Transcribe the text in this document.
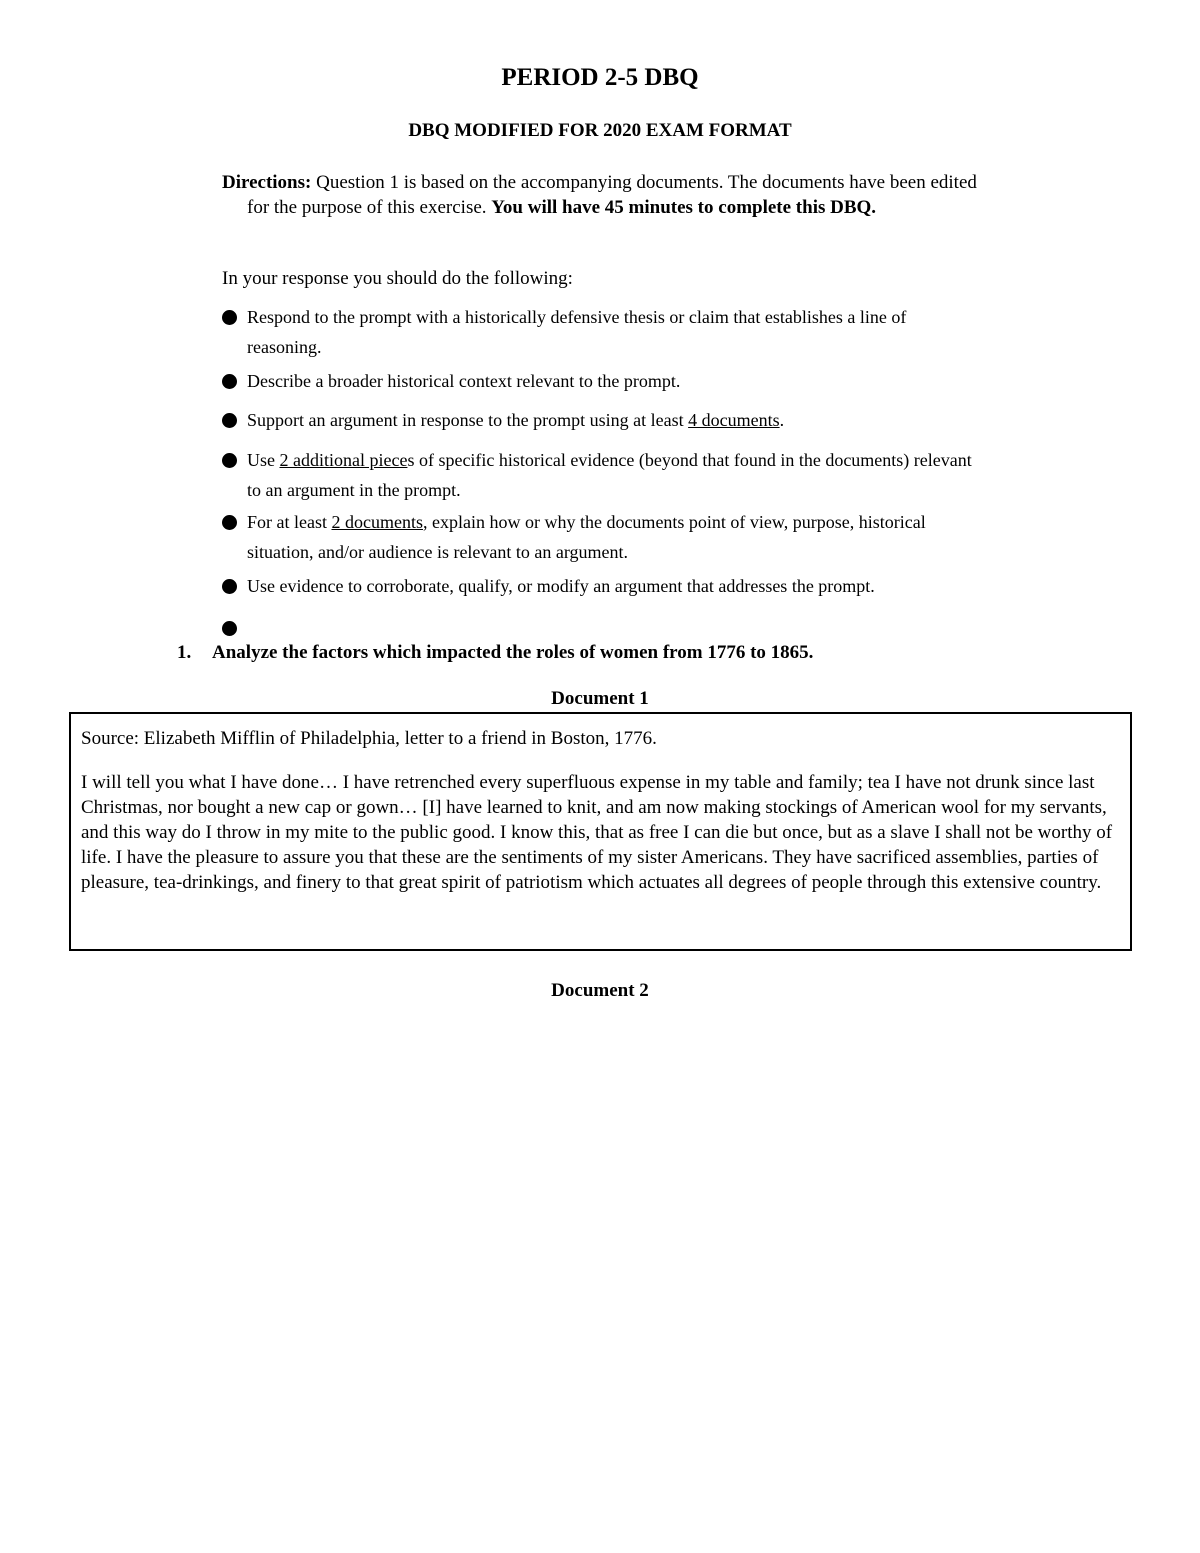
PERIOD 2-5 DBQ
DBQ MODIFIED FOR 2020 EXAM FORMAT

Directions: Question 1 is based on the accompanying documents. The documents have been edited for the purpose of this exercise. You will have 45 minutes to complete this DBQ.

In your response you should do the following:

Respond to the prompt with a historically defensive thesis or claim that establishes a line of reasoning.
Describe a broader historical context relevant to the prompt.
Support an argument in response to the prompt using at least 4 documents.
Use 2 additional pieces of specific historical evidence (beyond that found in the documents) relevant to an argument in the prompt.
For at least 2 documents, explain how or why the documents point of view, purpose, historical situation, and/or audience is relevant to an argument.
Use evidence to corroborate, qualify, or modify an argument that addresses the prompt.

1. Analyze the factors which impacted the roles of women from 1776 to 1865.

Document 1

Source: Elizabeth Mifflin of Philadelphia, letter to a friend in Boston, 1776.

I will tell you what I have done… I have retrenched every superfluous expense in my table and family; tea I have not drunk since last Christmas, nor bought a new cap or gown… [I] have learned to knit, and am now making stockings of American wool for my servants, and this way do I throw in my mite to the public good. I know this, that as free I can die but once, but as a slave I shall not be worthy of life. I have the pleasure to assure you that these are the sentiments of my sister Americans. They have sacrificed assemblies, parties of pleasure, tea-drinkings, and finery to that great spirit of patriotism which actuates all degrees of people through this extensive country.

Document 2
